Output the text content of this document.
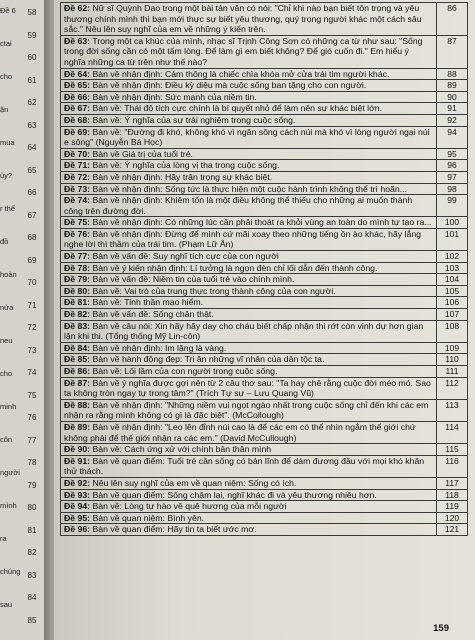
58
59
60
61
62
63
64
65
66
67
68
69
70
71
72
73
74
75
76
77
78
79
80
81
82
83
84
85
Đề 6
ctai
cho
ặn
mua
ủy?
r thể
đồ
hoàn
nửa
neu
cho
minh
côn
người
mình
ra
chúng
sau
Đề 62: Nữ sĩ Quỳnh Dao trong một bài tản văn có nói: "Chỉ khi nào bạn biết tôn trọng và yêu thương chính mình thì bạn mới thực sự biết yêu thương, quý trọng người khác một cách sâu sắc." Nêu lên suy nghĩ của em về những ý kiến trên.	86
Đề 63: Trong một ca khúc của mình, nhạc sĩ Trịnh Công Sơn có những ca từ như sau: "Sống trong đời sống cần có một tấm lòng. Để làm gì em biết không? Để gió cuốn đi." Em hiểu ý nghĩa những ca từ trên như thế nào?	87
Đề 64: Bàn về nhận định: Cảm thông là chiếc chìa khóa mở cửa trái tim người khác.	88
Đề 65: Bàn về nhận định: Điều kỳ diệu mà cuộc sống ban tặng cho con người.	89
Đề 66: Bàn về nhận định: Sức mạnh của niềm tin.	90
Đề 67: Bàn về: Thái độ tích cực chính là bí quyết nhỏ để làm nên sự khác biệt lớn.	91
Đề 68: Bàn về: Ý nghĩa của sự trải nghiệm trong cuộc sống.	92
Đề 69: Bàn về: "Đường đi khó, không khó vì ngăn sông cách núi mà khó vì lòng người ngại núi e sông" (Nguyễn Bá Học)	94
Đề 70: Bàn về Giá trị của tuổi trẻ.	95
Đề 71: Bàn về: Ý nghĩa của lòng vị tha trong cuộc sống.	96
Đề 72: Bàn về nhận định: Hãy trân trọng sự khác biệt.	97
Đề 73: Bàn về nhận định: Sống tức là thực hiện một cuộc hành trình không thể trì hoãn...	98
Đề 74: Bàn về nhận định: Khiêm tốn là một điều không thể thiếu cho những ai muốn thành công trên đường đời.	99
Đề 75: Bàn về nhận định: Có những lúc cần phải thoát ra khỏi vùng an toàn do mình tự tạo ra...	100
Đề 76: Bàn về nhận định: Đừng để mình cứ mãi xoay theo những tiếng ồn ào khác, hãy lắng nghe lời thì thầm của trái tim. (Phạm Lữ Ân)	101
Đề 77: Bàn về vấn đề: Suy nghĩ tích cực của con người	102
Đề 78: Bàn về ý kiến nhận định: Lí tưởng là ngọn đèn chỉ lối dẫn đến thành công.	103
Đề 79: Bàn về vấn đề: Niềm tin của tuổi trẻ vào chính mình.	104
Đề 80: Bàn về: Vai trò của trung thực trong thành công của con người.	105
Đề 81: Bàn về: Tinh thần mạo hiểm.	106
Đề 82: Bàn về vấn đề: Sống chân thật.	107
Đề 83: Bàn về câu nói: Xin hãy hãy day cho cháu biết chấp nhận thi rớt còn vinh dự hơn gian lận khi thi. (Tổng thống Mỹ Lin-côn)	108
Đề 84: Bàn về nhận định: Im lặng là vàng.	109
Đề 85: Bàn về hành động đẹp: Tri ân những vĩ nhân của dân tộc ta.	110
Đề 86: Bàn về: Lối lầm của con người trong cuộc sống.	111
Đề 87: Bàn về ý nghĩa được gợi nên từ 2 câu thơ sau: "Ta hay chê rằng cuộc đời méo mó. Sao ta không tròn ngay tự trong tâm?" (Trích Tự sự – Lưu Quang Vũ)	112
Đề 88: Bàn về nhận định: "Những niềm vui ngọt ngào nhất trong cuộc sống chỉ đến khi các em nhận ra rằng mình không có gì là đặc biệt". (McCollough)	113
Đề 89: Bàn về nhận định: "Leo lên đỉnh núi cao là để các em có thể nhìn ngắm thế giới chứ không phải để thế giới nhận ra các em." (David McCullough)	114
Đề 90: Bàn về: Cách ứng xử với chính bản thân mình	115
Đề 91: Bàn về quan điểm: Tuổi trẻ cần sống có bản lĩnh để dám đương đầu với mọi khó khăn thử thách.	116
Đề 92: Nêu lên suy nghĩ của em về quan niệm: Sống có ích.	117
Đề 93: Bàn về quan điểm: Sống chậm lại, nghĩ khác đi và yêu thương nhiều hơn.	118
Đề 94: Bàn về: Lòng tự hào về quê hương của mỗi người	119
Đề 95: Bàn về quan niệm: Bình yên.	120
Đề 96: Bàn về quan điểm: Hãy tin ta biết ước mơ.	121
159
